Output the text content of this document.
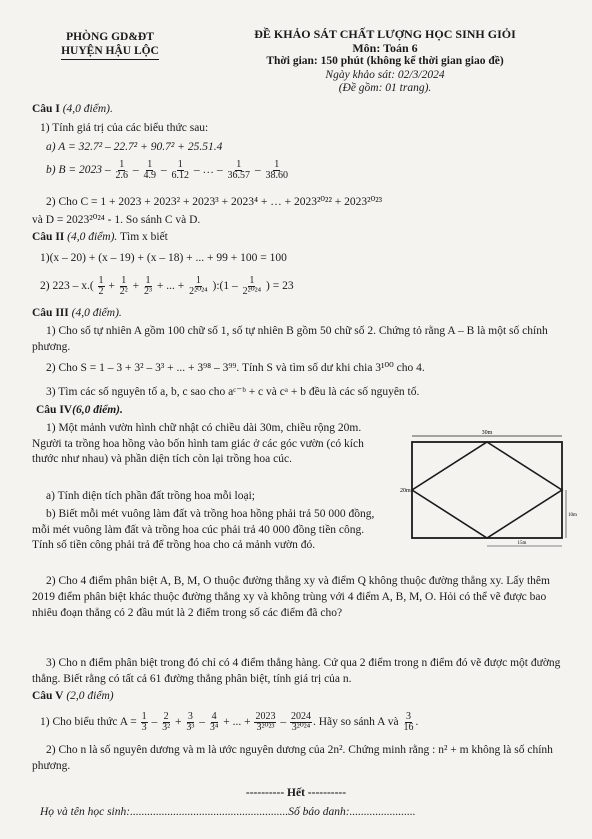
PHÒNG GD&ĐT
HUYỆN HẬU LỘC
ĐỀ KHẢO SÁT CHẤT LƯỢNG HỌC SINH GIỎI
Môn: Toán 6
Thời gian: 150 phút (không kể thời gian giao đề)
Ngày khảo sát: 02/3/2024
(Đề gồm: 01 trang).
Câu I (4,0 điểm).
1) Tính giá trị của các biểu thức sau:
a) A = 32.7² – 22.7² + 90.7² + 25.51.4
b) $B = 2023 - \frac{1}{2.6} - \frac{1}{4.9} - \frac{1}{6.12}$ – … – $\frac{1}{36.57} - \frac{1}{38.60}$
2) Cho C = 1 + 2023 + 2023² + 2023³ + 2023⁴ + … + 2023²⁰²² + 2023²⁰²³
và D = 2023²⁰²⁴ - 1. So sánh C và D.
Câu II (4,0 điểm). Tìm x biết
1)(x – 20) + (x – 19) + (x – 18) + ... + 99 + 100 = 100
2) $223 - x.( \frac{1}{2} + \frac{1}{\text{2²}} + \frac{1}{\text{2³}}$ + ... + $\frac{1}{\text{2²⁰²⁴}}$ ):(1 – $\frac{1}{\text{2²⁰²⁴}}$ ) = 23
Câu III (4,0 điểm).
1) Cho số tự nhiên A gồm 100 chữ số 1, số tự nhiên B gồm 50 chữ số 2. Chứng tỏ rằng A – B là một số chính phương.
2) Cho S = 1 – 3 + 3² – 3³ + ... + 3⁹⁸ – 3⁹⁹. Tính S và tìm số dư khi chia 3¹⁰⁰ cho 4.
3) Tìm các số nguyên tố a, b, c sao cho aᶜ⁻ᵇ + c và cᵃ + b đều là các số nguyên tố.
Câu IV(6,0 điểm).
1) Một mảnh vườn hình chữ nhật có chiều dài 30m, chiều rộng 20m. Người ta trồng hoa hồng vào bốn hình tam giác ở các góc vườn (có kích thước như nhau) và phần diện tích còn lại trồng hoa cúc.
a) Tính diện tích phần đất trồng hoa mỗi loại;
b) Biết mỗi mét vuông làm đất và trồng hoa hồng phải trả 50 000 đồng, mỗi mét vuông làm đất và trồng hoa cúc phải trả 40 000 đồng tiền công. Tính số tiền công phải trả để trồng hoa cho cả mảnh vườn đó.
30m
20m
10m
15m
2) Cho 4 điểm phân biệt A, B, M, O thuộc đường thẳng xy và điểm Q không thuộc đường thẳng xy. Lấy thêm 2019 điểm phân biệt khác thuộc đường thẳng xy và không trùng với 4 điểm A, B, M, O. Hỏi có thể vẽ được bao nhiêu đoạn thẳng có 2 đầu mút là 2 điểm trong số các điểm đã cho?
3) Cho n điểm phân biệt trong đó chỉ có 4 điểm thẳng hàng. Cứ qua 2 điểm trong n điểm đó vẽ được một đường thẳng. Biết rằng có tất cả 61 đường thẳng phân biệt, tính giá trị của n.
Câu V (2,0 điểm)
1) Cho biểu thức $A = \frac{1}{3} - \frac{2}{\text{3²}} + \frac{3}{\text{3³}} - \frac{4}{\text{3⁴}}$ + ... + $\frac{2023}{\text{3²⁰²³}} - \frac{2024}{\text{3²⁰²⁴}}$ . Hãy so sánh A và $\frac{3}{16}$ .
2) Cho n là số nguyên dương và m là ước nguyên dương của 2n². Chứng minh rằng : n² + m không là số chính phương.
---------- Hết ----------
Họ và tên học sinh:.......................................................Số báo danh:.......................
